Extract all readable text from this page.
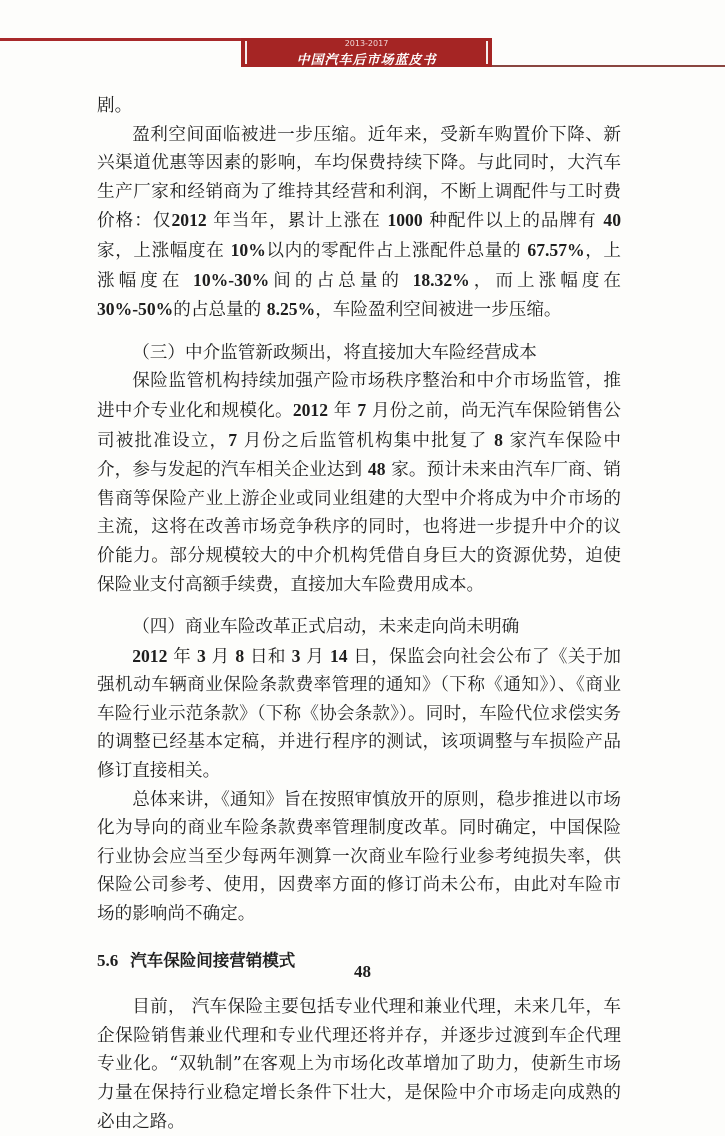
2013-2017
中国汽车后市场蓝皮书

剧。

盈利空间面临被进一步压缩。近年来，受新车购置价下降、新兴渠道优惠等因素的影响，车均保费持续下降。与此同时，大汽车生产厂家和经销商为了维持其经营和利润，不断上调配件与工时费价格：仅2012 年当年，累计上涨在 1000 种配件以上的品牌有 40 家，上涨幅度在 10%以内的零配件占上涨配件总量的 67.57%，上涨幅度在 10%-30%间的占总量的 18.32%，而上涨幅度在 30%-50%的占总量的 8.25%，车险盈利空间被进一步压缩。

（三）中介监管新政频出，将直接加大车险经营成本

保险监管机构持续加强产险市场秩序整治和中介市场监管，推进中介专业化和规模化。2012 年 7 月份之前，尚无汽车保险销售公司被批准设立，7 月份之后监管机构集中批复了 8 家汽车保险中介，参与发起的汽车相关企业达到 48 家。预计未来由汽车厂商、销售商等保险产业上游企业或同业组建的大型中介将成为中介市场的主流，这将在改善市场竞争秩序的同时，也将进一步提升中介的议价能力。部分规模较大的中介机构凭借自身巨大的资源优势，迫使保险业支付高额手续费，直接加大车险费用成本。

（四）商业车险改革正式启动，未来走向尚未明确

2012 年 3 月 8 日和 3 月 14 日，保监会向社会公布了《关于加强机动车辆商业保险条款费率管理的通知》（下称《通知》）、《商业车险行业示范条款》（下称《协会条款》）。同时，车险代位求偿实务的调整已经基本定稿，并进行程序的测试，该项调整与车损险产品修订直接相关。

总体来讲，《通知》旨在按照审慎放开的原则，稳步推进以市场化为导向的商业车险条款费率管理制度改革。同时确定，中国保险行业协会应当至少每两年测算一次商业车险行业参考纯损失率，供保险公司参考、使用，因费率方面的修订尚未公布，由此对车险市场的影响尚不确定。

5.6 汽车保险间接营销模式

目前， 汽车保险主要包括专业代理和兼业代理，未来几年，车企保险销售兼业代理和专业代理还将并存，并逐步过渡到车企代理专业化。“双轨制”在客观上为市场化改革增加了助力，使新生市场力量在保持行业稳定增长条件下壮大，是保险中介市场走向成熟的必由之路。

48
